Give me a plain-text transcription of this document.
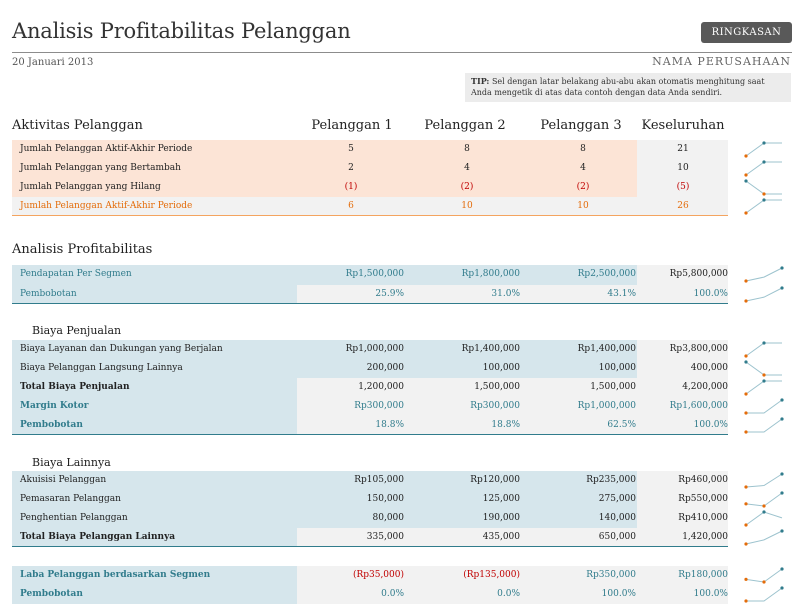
Analisis Profitabilitas Pelanggan	RINGKASAN
20 Januari 2013	NAMA PERUSAHAAN
TIP: Sel dengan latar belakang abu-abu akan otomatis menghitung saat Anda mengetik di atas data contoh dengan data Anda sendiri.
Aktivitas Pelanggan	Pelanggan 1	Pelanggan 2	Pelanggan 3	Keseluruhan
Jumlah Pelanggan Aktif-Akhir Periode	5	8	8	21
Jumlah Pelanggan yang Bertambah	2	4	4	10
Jumlah Pelanggan yang Hilang	(1)	(2)	(2)	(5)
Jumlah Pelanggan Aktif-Akhir Periode	6	10	10	26
Analisis Profitabilitas
Pendapatan Per Segmen	Rp1,500,000	Rp1,800,000	Rp2,500,000	Rp5,800,000
Pembobotan	25.9%	31.0%	43.1%	100.0%
Biaya Penjualan
Biaya Layanan dan Dukungan yang Berjalan	Rp1,000,000	Rp1,400,000	Rp1,400,000	Rp3,800,000
Biaya Pelanggan Langsung Lainnya	200,000	100,000	100,000	400,000
Total Biaya Penjualan	1,200,000	1,500,000	1,500,000	4,200,000
Margin Kotor	Rp300,000	Rp300,000	Rp1,000,000	Rp1,600,000
Pembobotan	18.8%	18.8%	62.5%	100.0%
Biaya Lainnya
Akuisisi Pelanggan	Rp105,000	Rp120,000	Rp235,000	Rp460,000
Pemasaran Pelanggan	150,000	125,000	275,000	Rp550,000
Penghentian Pelanggan	80,000	190,000	140,000	Rp410,000
Total Biaya Pelanggan Lainnya	335,000	435,000	650,000	1,420,000
Laba Pelanggan berdasarkan Segmen	(Rp35,000)	(Rp135,000)	Rp350,000	Rp180,000
Pembobotan	0.0%	0.0%	100.0%	100.0%
